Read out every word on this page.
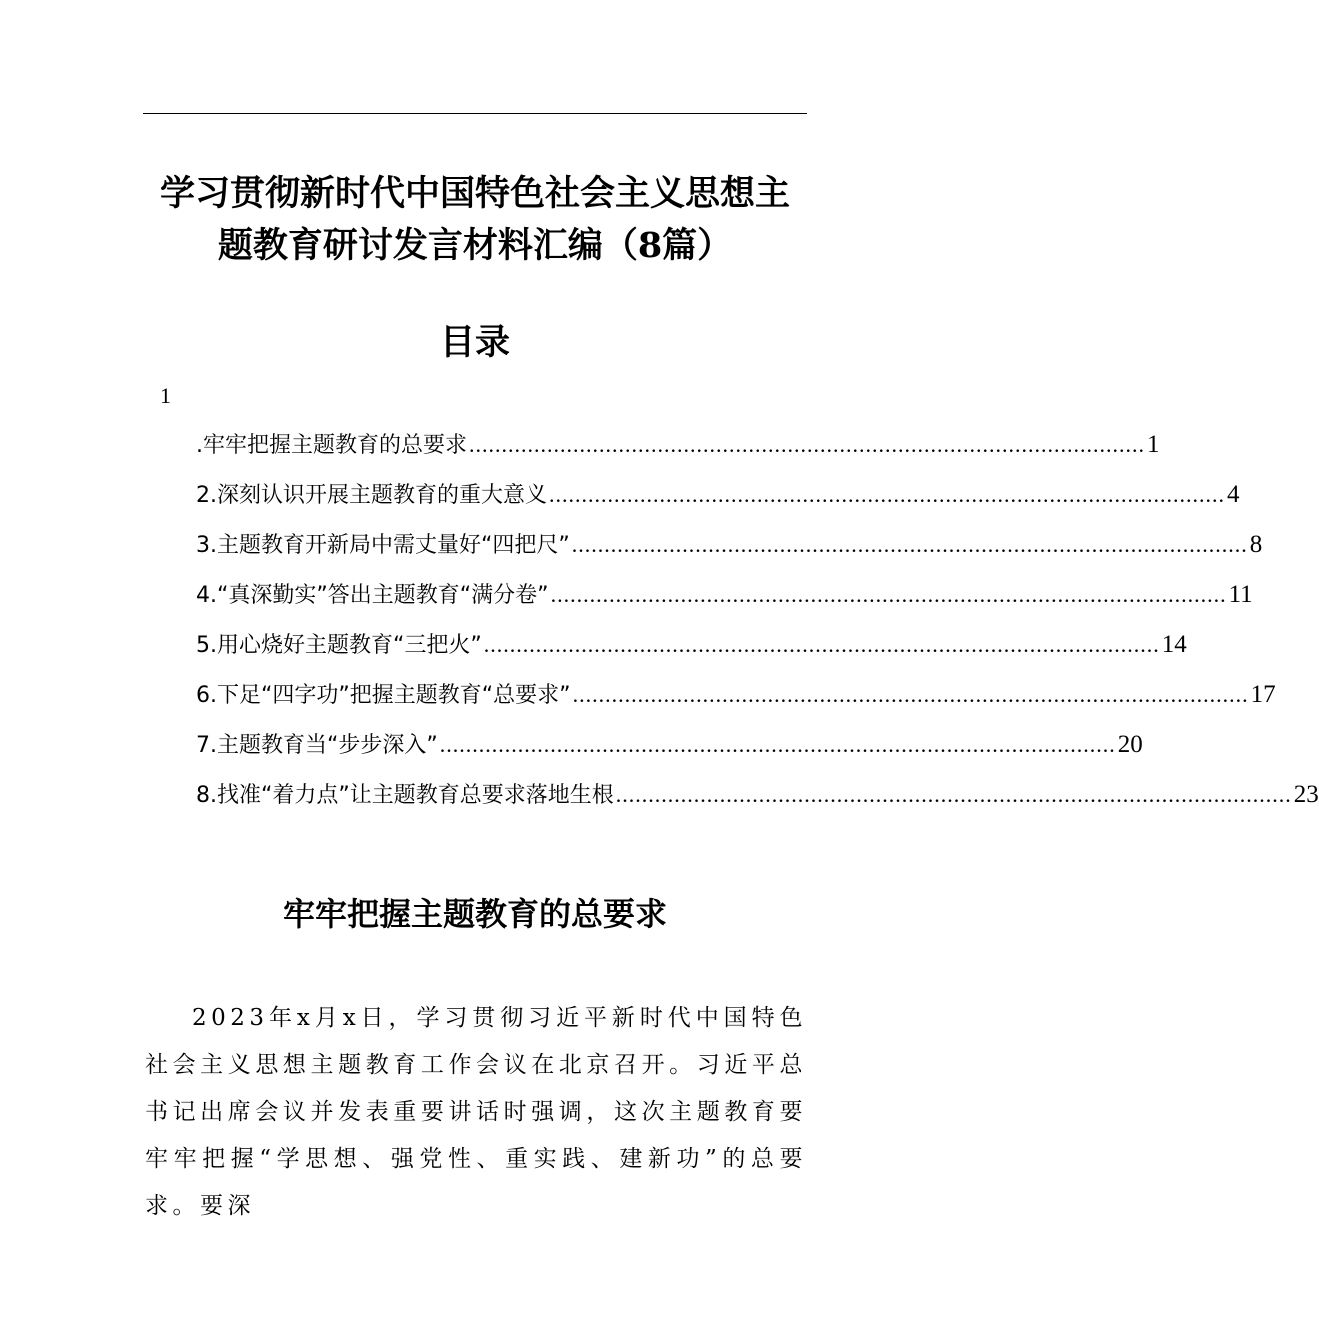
学习贯彻新时代中国特色社会主义思想主
题教育研讨发言材料汇编（8篇）
目录
1
.牢牢把握主题教育的总要求 ........................................................................................................ 1
2.深刻认识开展主题教育的重大意义 ........................................................................................................ 4
3.主题教育开新局中需丈量好“四把尺” ........................................................................................................ 8
4.“真深勤实”答出主题教育“满分卷” ........................................................................................................ 11
5.用心烧好主题教育“三把火” ........................................................................................................ 14
6.下足“四字功”把握主题教育“总要求” ........................................................................................................ 17
7.主题教育当“步步深入” ........................................................................................................ 20
8.找准“着力点”让主题教育总要求落地生根 ........................................................................................................ 23
牢牢把握主题教育的总要求

2023年x月x日，学习贯彻习近平新时代中国特色社会主义思想主题教育工作会议在北京召开。习近平总书记出席会议并发表重要讲话时强调，这次主题教育要牢牢把握“学思想、强党性、重实践、建新功”的总要求。要深
